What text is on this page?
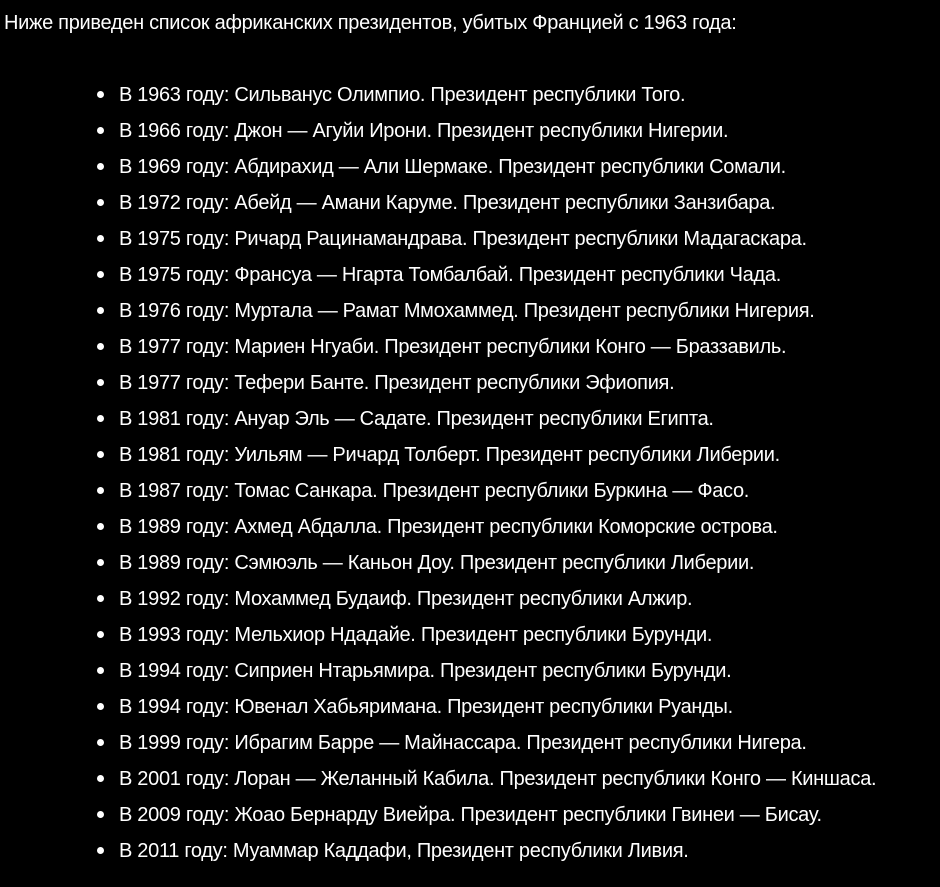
Ниже приведен список африканских президентов, убитых Францией с 1963 года:

В 1963 году: Сильванус Олимпио. Президент республики Того.
В 1966 году: Джон — Агуйи Ирони. Президент республики Нигерии.
В 1969 году: Абдирахид — Али Шермаке. Президент республики Сомали.
В 1972 году: Абейд — Амани Каруме. Президент республики Занзибара.
В 1975 году: Ричард Рацинамандрава. Президент республики Мадагаскара.
В 1975 году: Франсуа — Нгарта Томбалбай. Президент республики Чада.
В 1976 году: Муртала — Рамат Ммохаммед. Президент республики Нигерия.
В 1977 году: Мариен Нгуаби. Президент республики Конго — Браззавиль.
В 1977 году: Тефери Банте. Президент республики Эфиопия.
В 1981 году: Ануар Эль — Садате. Президент республики Египта.
В 1981 году: Уильям — Ричард Толберт. Президент республики Либерии.
В 1987 году: Томас Санкара. Президент республики Буркина — Фасо.
В 1989 году: Ахмед Абдалла. Президент республики Коморские острова.
В 1989 году: Сэмюэль — Каньон Доу. Президент республики Либерии.
В 1992 году: Мохаммед Будаиф. Президент республики Алжир.
В 1993 году: Мельхиор Ндадайе. Президент республики Бурунди.
В 1994 году: Сиприен Нтарьямира. Президент республики Бурунди.
В 1994 году: Ювенал Хабьяримана. Президент республики Руанды.
В 1999 году: Ибрагим Барре — Майнассара. Президент республики Нигера.
В 2001 году: Лоран — Желанный Кабила. Президент республики Конго — Киншаса.
В 2009 году: Жоао Бернарду Виейра. Президент республики Гвинеи — Бисау.
В 2011 году: Муаммар Каддафи, Президент республики Ливия.
